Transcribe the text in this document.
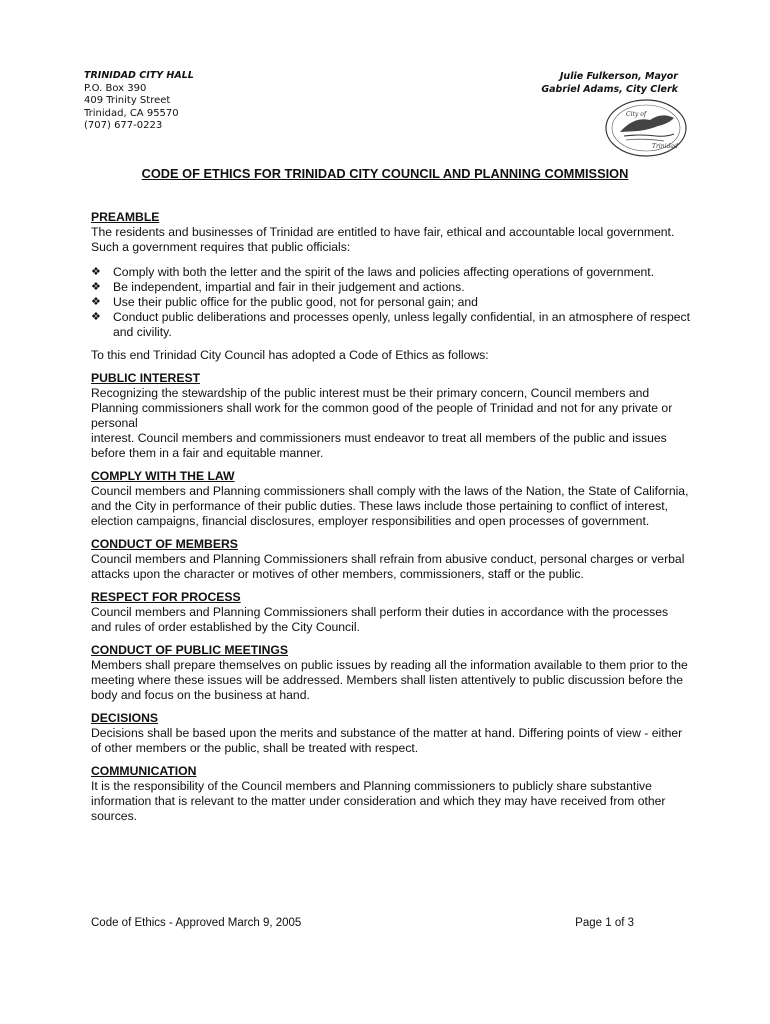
TRINIDAD CITY HALL
P.O. Box 390
409 Trinity Street
Trinidad, CA 95570
(707) 677-0223
Julie Fulkerson, Mayor
Gabriel Adams, City Clerk
City of
Trinidad
CODE OF ETHICS FOR TRINIDAD CITY COUNCIL AND PLANNING COMMISSION
PREAMBLE
The residents and businesses of Trinidad are entitled to have fair, ethical and accountable local government. Such a government requires that public officials:
❖ Comply with both the letter and the spirit of the laws and policies affecting operations of government.
❖ Be independent, impartial and fair in their judgement and actions.
❖ Use their public office for the public good, not for personal gain; and
❖ Conduct public deliberations and processes openly, unless legally confidential, in an atmosphere of respect and civility.
To this end Trinidad City Council has adopted a Code of Ethics as follows:
PUBLIC INTEREST
Recognizing the stewardship of the public interest must be their primary concern, Council members and Planning commissioners shall work for the common good of the people of Trinidad and not for any private or personal
interest. Council members and commissioners must endeavor to treat all members of the public and issues before them in a fair and equitable manner.
COMPLY WITH THE LAW
Council members and Planning commissioners shall comply with the laws of the Nation, the State of California, and the City in performance of their public duties. These laws include those pertaining to conflict of interest, election campaigns, financial disclosures, employer responsibilities and open processes of government.
CONDUCT OF MEMBERS
Council members and Planning Commissioners shall refrain from abusive conduct, personal charges or verbal attacks upon the character or motives of other members, commissioners, staff or the public.
RESPECT FOR PROCESS
Council members and Planning Commissioners shall perform their duties in accordance with the processes and rules of order established by the City Council.
CONDUCT OF PUBLIC MEETINGS
Members shall prepare themselves on public issues by reading all the information available to them prior to the meeting where these issues will be addressed. Members shall listen attentively to public discussion before the body and focus on the business at hand.
DECISIONS
Decisions shall be based upon the merits and substance of the matter at hand. Differing points of view - either of other members or the public, shall be treated with respect.
COMMUNICATION
It is the responsibility of the Council members and Planning commissioners to publicly share substantive information that is relevant to the matter under consideration and which they may have received from other sources.
Code of Ethics - Approved March 9, 2005	Page 1 of 3
